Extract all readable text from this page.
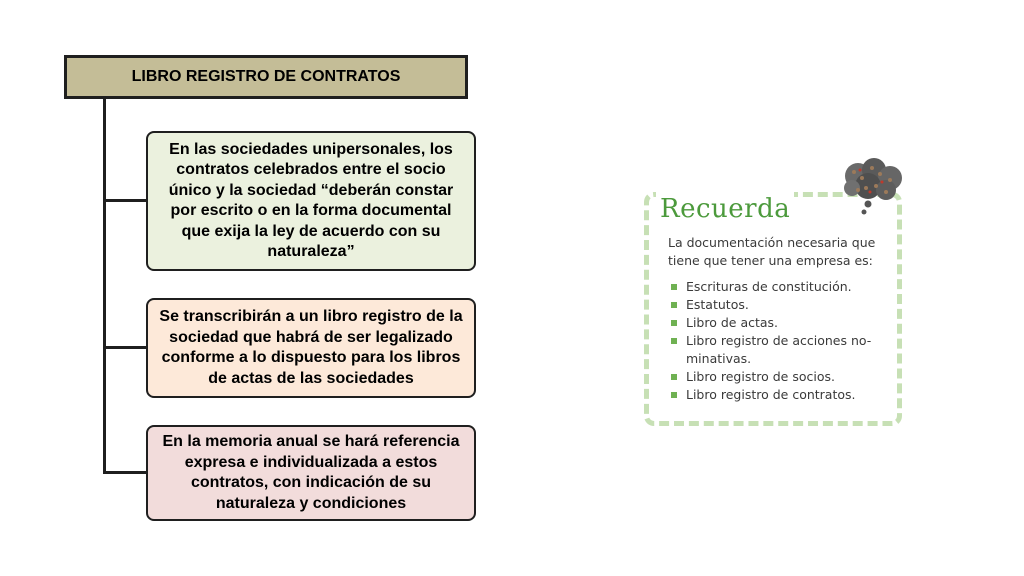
LIBRO REGISTRO DE CONTRATOS
En las sociedades unipersonales, los contratos celebrados entre el socio único y la sociedad “deberán constar por escrito o en la forma documental que exija la ley de acuerdo con su naturaleza”
Se transcribirán a un libro registro de la sociedad que habrá de ser legalizado conforme a lo dispuesto para los libros de actas de las sociedades
En la memoria anual se hará referencia expresa e individualizada a estos contratos, con indicación de su naturaleza y condiciones
Recuerda

La documentación necesaria que tiene que tener una empresa es:

Escrituras de constitución.
Estatutos.
Libro de actas.
Libro registro de acciones no-minativas.
Libro registro de socios.
Libro registro de contratos.
